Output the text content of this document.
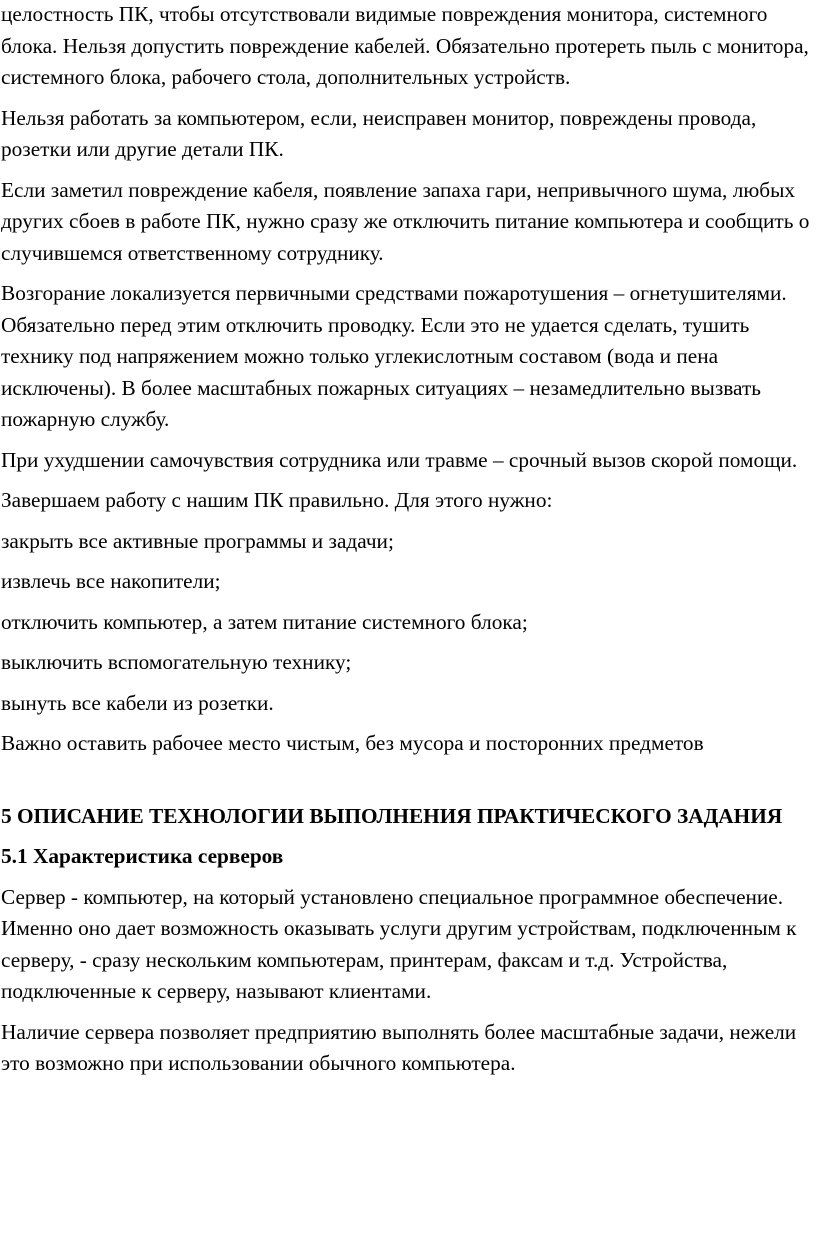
целостность ПК, чтобы отсутствовали видимые повреждения монитора, системного блока. Нельзя допустить повреждение кабелей. Обязательно протереть пыль с монитора, системного блока, рабочего стола, дополнительных устройств.

Нельзя работать за компьютером, если, неисправен монитор, повреждены провода, розетки или другие детали ПК.

Если заметил повреждение кабеля, появление запаха гари, непривычного шума, любых других сбоев в работе ПК, нужно сразу же отключить питание компьютера и сообщить о случившемся ответственному сотруднику.

Возгорание локализуется первичными средствами пожаротушения – огнетушителями. Обязательно перед этим отключить проводку. Если это не удается сделать, тушить технику под напряжением можно только углекислотным составом (вода и пена исключены). В более масштабных пожарных ситуациях – незамедлительно вызвать пожарную службу.

При ухудшении самочувствия сотрудника или травме – срочный вызов скорой помощи.

Завершаем работу с нашим ПК правильно. Для этого нужно:

закрыть все активные программы и задачи;

извлечь все накопители;

отключить компьютер, а затем питание системного блока;

выключить вспомогательную технику;

вынуть все кабели из розетки.

Важно оставить рабочее место чистым, без мусора и посторонних предметов

5 ОПИСАНИЕ ТЕХНОЛОГИИ ВЫПОЛНЕНИЯ ПРАКТИЧЕСКОГО ЗАДАНИЯ

5.1 Характеристика серверов

Сервер - компьютер, на который установлено специальное программное обеспечение. Именно оно дает возможность оказывать услуги другим устройствам, подключенным к серверу, - сразу нескольким компьютерам, принтерам, факсам и т.д. Устройства, подключенные к серверу, называют клиентами.

Наличие сервера позволяет предприятию выполнять более масштабные задачи, нежели это возможно при использовании обычного компьютера.
